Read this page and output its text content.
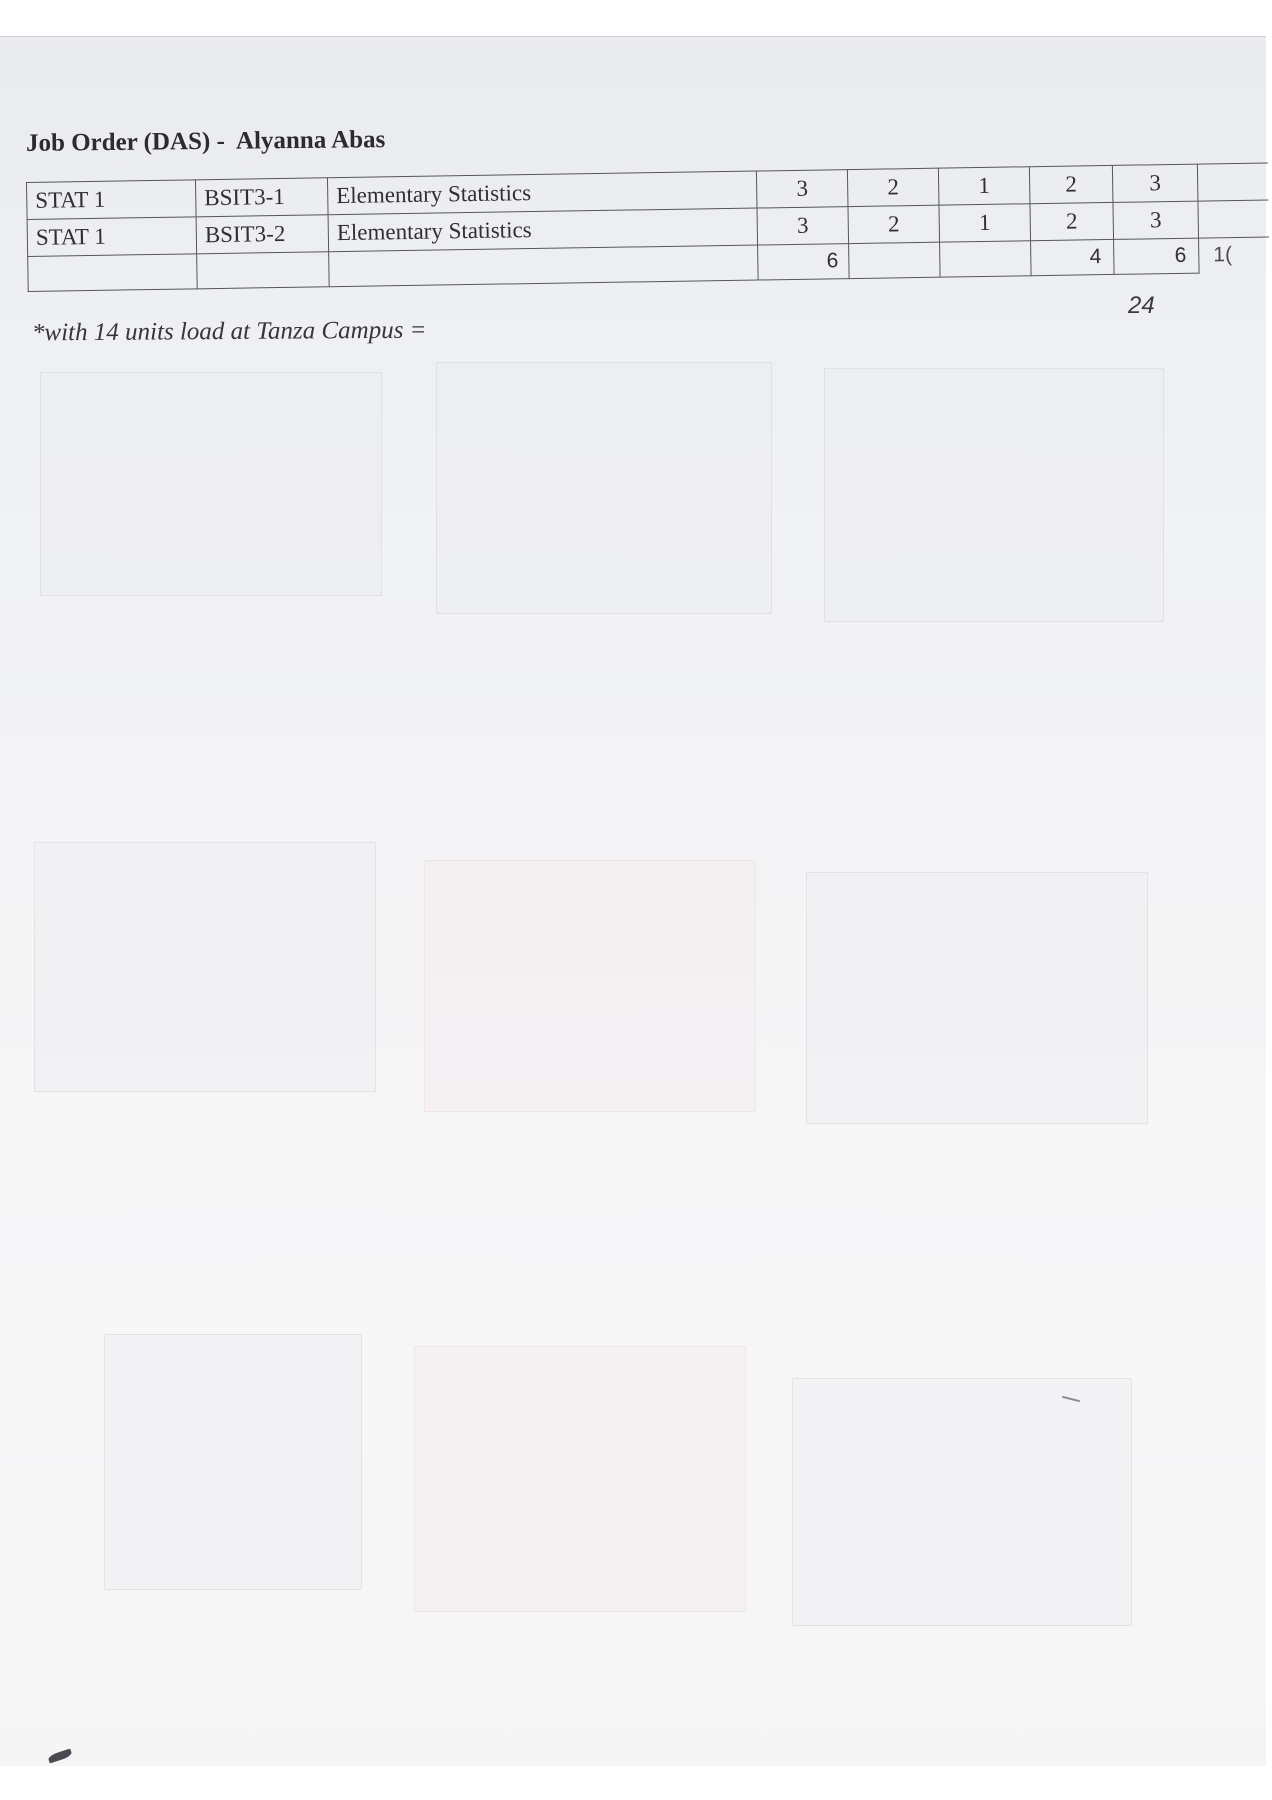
Job Order (DAS) -  Alyanna Abas
STAT 1	BSIT3-1	Elementary Statistics	3	2	1	2	3	
STAT 1	BSIT3-2	Elementary Statistics	3	2	1	2	3	
			6			4	6	1(
24
*with 14 units load at Tanza Campus =
